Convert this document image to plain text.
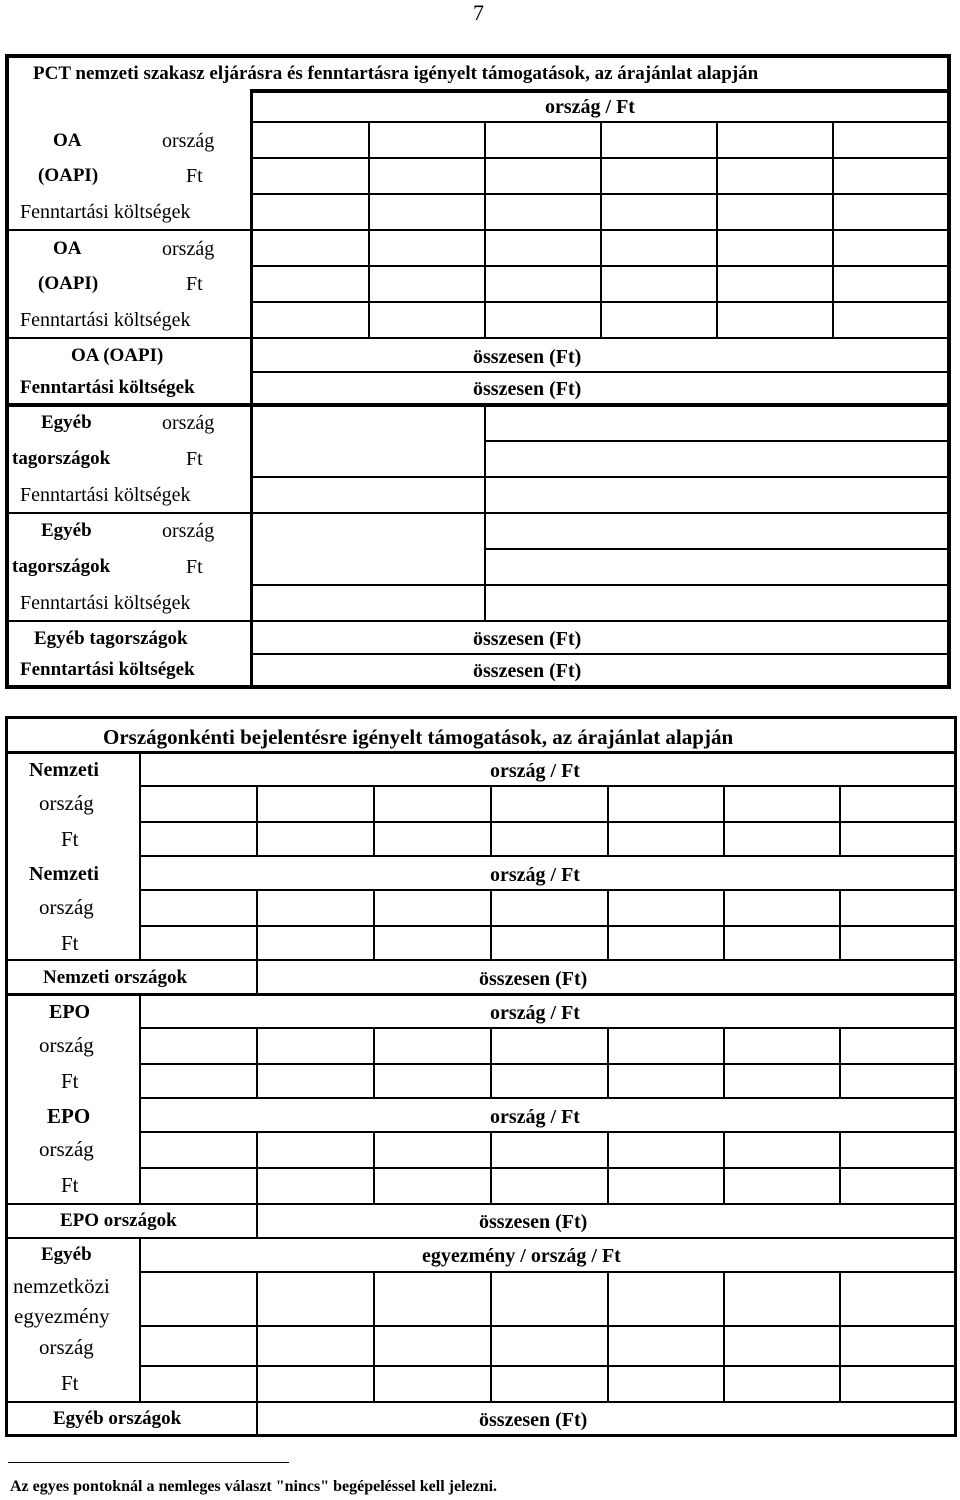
7
PCT nemzeti szakasz eljárásra és fenntartásra igényelt támogatások, az árajánlat alapján
ország / Ft
OA	ország
(OAPI)	Ft
Fenntartási költségek
OA	ország
(OAPI)	Ft
Fenntartási költségek
OA (OAPI)	összesen (Ft)
Fenntartási költségek	összesen (Ft)
Egyéb	ország
tagországok	Ft
Fenntartási költségek
Egyéb	ország
tagországok	Ft
Fenntartási költségek
Egyéb tagországok	összesen (Ft)
Fenntartási költségek	összesen (Ft)
Országonkénti bejelentésre igényelt támogatások, az árajánlat alapján
Nemzeti	ország / Ft
ország
Ft
Nemzeti	ország / Ft
ország
Ft
Nemzeti országok	összesen (Ft)
EPO	ország / Ft
ország
Ft
EPO	ország / Ft
ország
Ft
EPO országok	összesen (Ft)
Egyéb	egyezmény / ország / Ft
nemzetközi
egyezmény
ország
Ft
Egyéb országok	összesen (Ft)
Az egyes pontoknál a nemleges választ "nincs" begépeléssel kell jelezni.
